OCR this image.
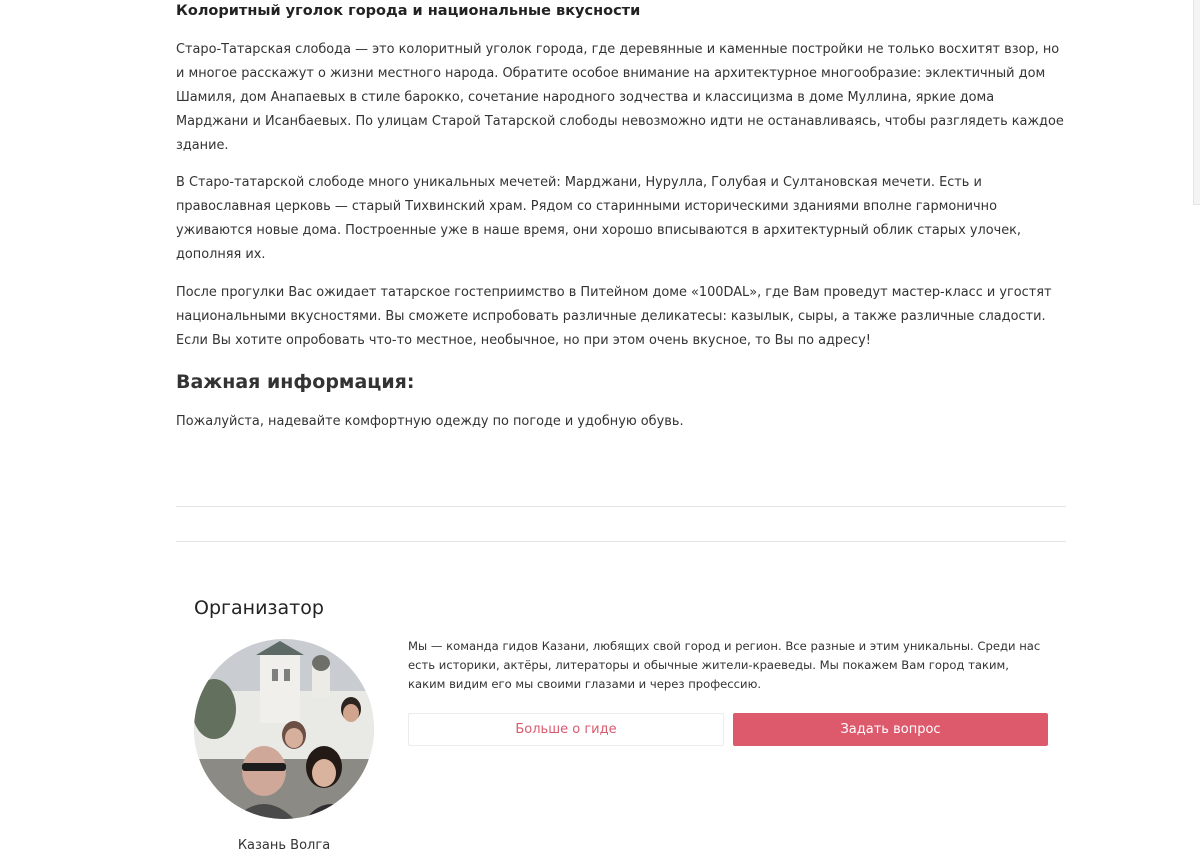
Колоритный уголок города и национальные вкусности

Старо-Татарская слобода — это колоритный уголок города, где деревянные и каменные постройки не только восхитят взор, но и многое расскажут о жизни местного народа. Обратите особое внимание на архитектурное многообразие: эклектичный дом Шамиля, дом Анапаевых в стиле барокко, сочетание народного зодчества и классицизма в доме Муллина, яркие дома Марджани и Исанбаевых. По улицам Старой Татарской слободы невозможно идти не останавливаясь, чтобы разглядеть каждое здание.

В Старо-татарской слободе много уникальных мечетей: Марджани, Нурулла, Голубая и Султановская мечети. Есть и православная церковь — старый Тихвинский храм. Рядом со старинными историческими зданиями вполне гармонично уживаются новые дома. Построенные уже в наше время, они хорошо вписываются в архитектурный облик старых улочек, дополняя их.

После прогулки Вас ожидает татарское гостеприимство в Питейном доме «100DAL», где Вам проведут мастер-класс и угостят национальными вкусностями. Вы сможете испробовать различные деликатесы: казылык, сыры, а также различные сладости. Если Вы хотите опробовать что-то местное, необычное, но при этом очень вкусное, то Вы по адресу!

Важная информация:

Пожалуйста, надевайте комфортную одежду по погоде и удобную обувь.

Организатор
Казань Волга

Мы — команда гидов Казани, любящих свой город и регион. Все разные и этим уникальны. Среди нас есть историки, актёры, литераторы и обычные жители-краеведы. Мы покажем Вам город таким, каким видим его мы своими глазами и через профессию.

Больше о гиде	Задать вопрос
